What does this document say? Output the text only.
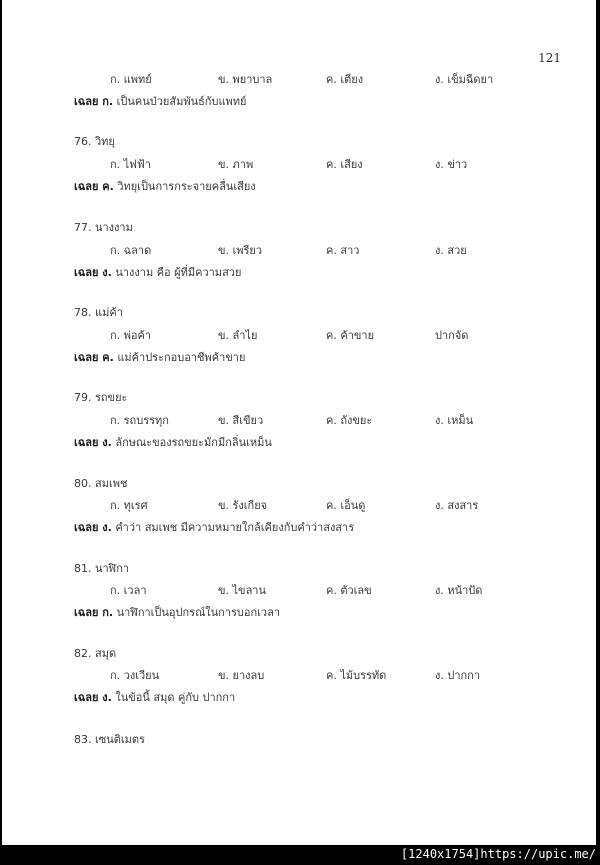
121
ก. แพทย์	ข. พยาบาล	ค. เตียง	ง. เข็มฉีดยา
เฉลย ก. เป็นคนป่วยสัมพันธ์กับแพทย์
76. วิทยุ
ก. ไฟฟ้า	ข. ภาพ	ค. เสียง	ง. ข่าว
เฉลย ค. วิทยุเป็นการกระจายคลื่นเสียง
77. นางงาม
ก. ฉลาด	ข. เพรียว	ค. สาว	ง. สวย
เฉลย ง. นางงาม คือ ผู้ที่มีความสวย
78. แม่ค้า
ก. พ่อค้า	ข. ลำไย	ค. ค้าขาย	ปากจัด
เฉลย ค. แม่ค้าประกอบอาชีพค้าขาย
79. รถขยะ
ก. รถบรรทุก	ข. สีเขียว	ค. ถังขยะ	ง. เหม็น
เฉลย ง. ลักษณะของรถขยะมักมีกลิ่นเหม็น
80. สมเพช
ก. ทุเรศ	ข. รังเกียจ	ค. เอ็นดู	ง. สงสาร
เฉลย ง. คำว่า สมเพช มีความหมายใกล้เคียงกับคำว่าสงสาร
81. นาฬิกา
ก. เวลา	ข. ไขลาน	ค. ตัวเลข	ง. หน้าปัด
เฉลย ก. นาฬิกาเป็นอุปกรณ์ในการบอกเวลา
82. สมุด
ก. วงเวียน	ข. ยางลบ	ค. ไม้บรรทัด	ง. ปากกา
เฉลย ง. ในข้อนี้ สมุด คู่กับ ปากกา
83. เซนติเมตร
[1240x1754]https://upic.me/
